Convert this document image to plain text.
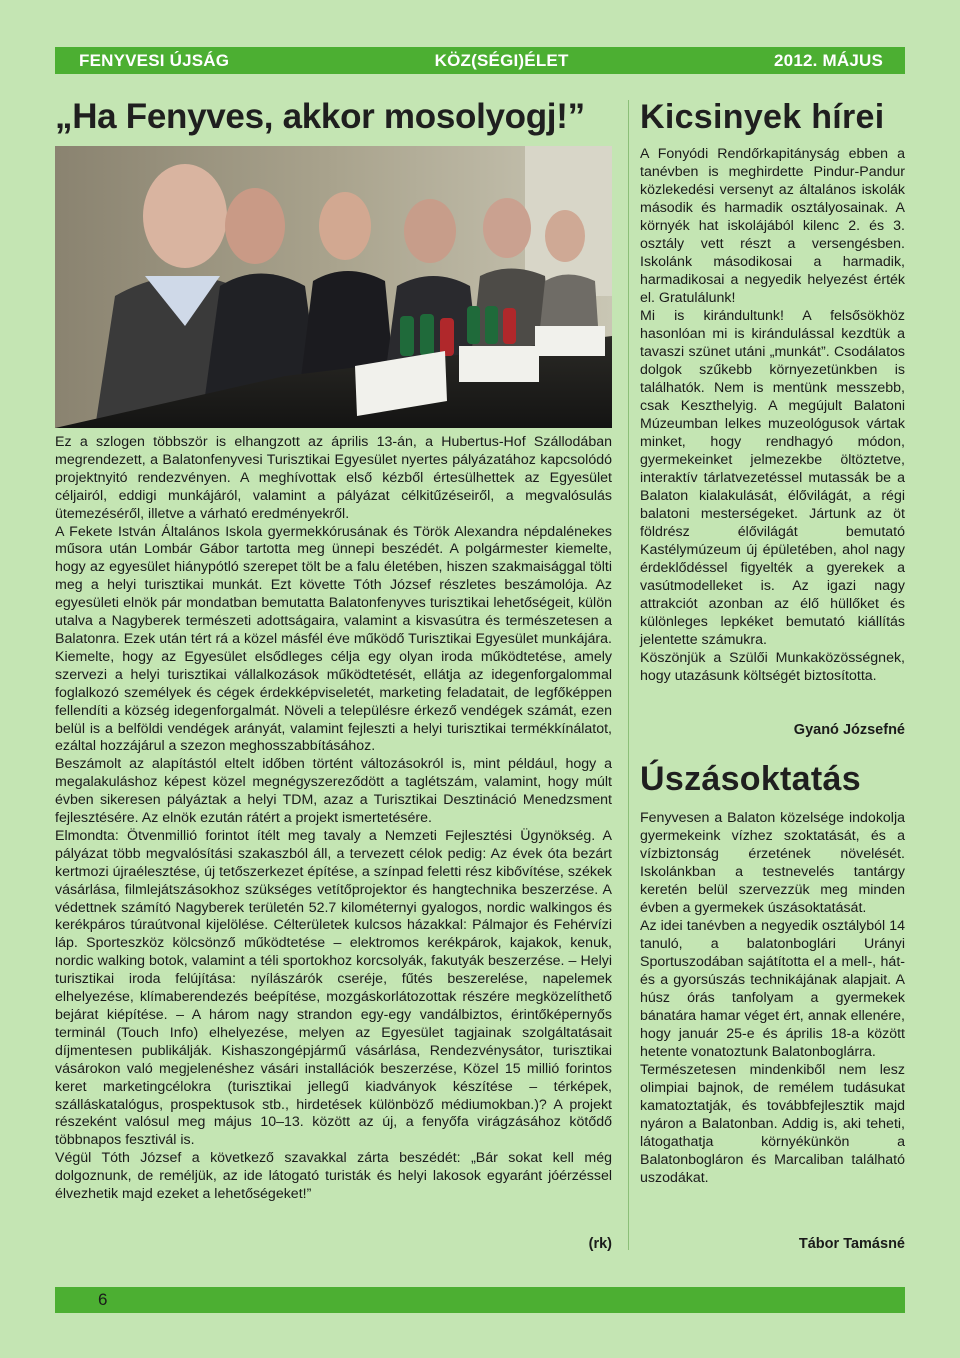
FENYVESI ÚJSÁG	KÖZ(SÉGI)ÉLET	2012. MÁJUS
„Ha Fenyves, akkor mosolyogj!”

Ez a szlogen többször is elhangzott az április 13-án, a Hubertus-Hof Szállodában megrendezett, a Balatonfenyvesi Turisztikai Egyesület nyertes pályázatához kapcsolódó projektnyitó rendezvényen. A meghívottak első kézből értesülhettek az Egyesület céljairól, eddigi munkájáról, valamint a pályázat célkitűzéseiről, a megvalósulás ütemezéséről, illetve a várható eredményekről.

A Fekete István Általános Iskola gyermekkórusának és Török Alexandra népdalénekes műsora után Lombár Gábor tartotta meg ünnepi beszédét. A polgármester kiemelte, hogy az egyesület hiánypótló szerepet tölt be a falu életében, hiszen szakmaisággal tölti meg a helyi turisztikai munkát. Ezt követte Tóth József részletes beszámolója. Az egyesületi elnök pár mondatban bemutatta Balatonfenyves turisztikai lehetőségeit, külön utalva a Nagyberek természeti adottságaira, valamint a kisvasútra és természetesen a Balatonra. Ezek után tért rá a közel másfél éve működő Turisztikai Egyesület munkájára. Kiemelte, hogy az Egyesület elsődleges célja egy olyan iroda működtetése, amely szervezi a helyi turisztikai vállalkozások működtetését, ellátja az idegenforgalommal foglalkozó személyek és cégek érdekképviseletét, marketing feladatait, de legfőképpen fellendíti a község idegenforgalmát. Növeli a településre érkező vendégek számát, ezen belül is a belföldi vendégek arányát, valamint fejleszti a helyi turisztikai termékkínálatot, ezáltal hozzájárul a szezon meghosszabbításához.

Beszámolt az alapítástól eltelt időben történt változásokról is, mint például, hogy a megalakuláshoz képest közel megnégyszereződött a taglétszám, valamint, hogy múlt évben sikeresen pályáztak a helyi TDM, azaz a Turisztikai Desztináció Menedzsment fejlesztésére. Az elnök ezután rátért a projekt ismertetésére.

Elmondta: Ötvenmillió forintot ítélt meg tavaly a Nemzeti Fejlesztési Ügynökség. A pályázat több megvalósítási szakaszból áll, a tervezett célok pedig: Az évek óta bezárt kertmozi újraélesztése, új tetőszerkezet építése, a színpad feletti rész kibővítése, székek vásárlása, filmlejátszásokhoz szükséges vetítőprojektor és hangtechnika beszerzése. A védettnek számító Nagyberek területén 52.7 kilométernyi gyalogos, nordic walkingos és kerékpáros túraútvonal kijelölése. Célterületek kulcsos házakkal: Pálmajor és Fehérvízi láp. Sporteszköz kölcsönző működtetése – elektromos kerékpárok, kajakok, kenuk, nordic walking botok, valamint a téli sportokhoz korcsolyák, fakutyák beszerzése. – Helyi turisztikai iroda felújítása: nyílászárók cseréje, fűtés beszerelése, napelemek elhelyezése, klímaberendezés beépítése, mozgáskorlátozottak részére megközelíthető bejárat kiépítése. – A három nagy strandon egy-egy vandálbiztos, érintőképernyős terminál (Touch Info) elhelyezése, melyen az Egyesület tagjainak szolgáltatásait díjmentesen publikálják. Kishaszongépjármű vásárlása, Rendezvénysátor, turisztikai vásárokon való megjelenéshez vásári installációk beszerzése, Közel 15 millió forintos keret marketingcélokra (turisztikai jellegű kiadványok készítése – térképek, szálláskatalógus, prospektusok stb., hirdetések különböző médiumokban.)? A projekt részeként valósul meg május 10–13. között az új, a fenyőfa virágzásához kötődő többnapos fesztivál is.

Végül Tóth József a következő szavakkal zárta beszédét: „Bár sokat kell még dolgoznunk, de reméljük, az ide látogató turisták és helyi lakosok egyaránt jóérzéssel élvezhetik majd ezeket a lehetőségeket!”

(rk)
Kicsinyek hírei

A Fonyódi Rendőrkapitányság ebben a tanévben is meghirdette Pindur-Pandur közlekedési versenyt az általános iskolák második és harmadik osztályosainak. A környék hat iskolájából kilenc 2. és 3. osztály vett részt a versengésben. Iskolánk másodikosai a harmadik, harmadikosai a negyedik helyezést érték el. Gratulálunk!

Mi is kirándultunk! A felsősökhöz hasonlóan mi is kirándulással kezdtük a tavaszi szünet utáni „munkát”. Csodálatos dolgok szűkebb környezetünkben is találhatók. Nem is mentünk messzebb, csak Keszthelyig. A megújult Balatoni Múzeumban lelkes muzeológusok vártak minket, hogy rendhagyó módon, gyermekeinket jelmezekbe öltöztetve, interaktív tárlatvezetéssel mutassák be a Balaton kialakulását, élővilágát, a régi balatoni mesterségeket. Jártunk az öt földrész élővilágát bemutató Kastélymúzeum új épületében, ahol nagy érdeklődéssel figyelték a gyerekek a vasútmodelleket is. Az igazi nagy attrakciót azonban az élő hüllőket és különleges lepkéket bemutató kiállítás jelentette számukra.

Köszönjük a Szülői Munkaközösségnek, hogy utazásunk költségét biztosította.

Gyanó Józsefné
Úszásoktatás

Fenyvesen a Balaton közelsége indokolja gyermekeink vízhez szoktatását, és a vízbiztonság érzetének növelését. Iskolánkban a testnevelés tantárgy keretén belül szervezzük meg minden évben a gyermekek úszásoktatását.

Az idei tanévben a negyedik osztályból 14 tanuló, a balatonboglári Urányi Sportuszodában sajátította el a mell-, hát- és a gyorsúszás technikájának alapjait. A húsz órás tanfolyam a gyermekek bánatára hamar véget ért, annak ellenére, hogy január 25-e és április 18-a között hetente vonatoztunk Balatonboglárra.

Természetesen mindenkiből nem lesz olimpiai bajnok, de remélem tudásukat kamatoztatják, és továbbfejlesztik majd nyáron a Balatonban. Addig is, aki teheti, látogathatja környékünkön a Balatonbogláron és Marcaliban található uszodákat.

Tábor Tamásné
6
